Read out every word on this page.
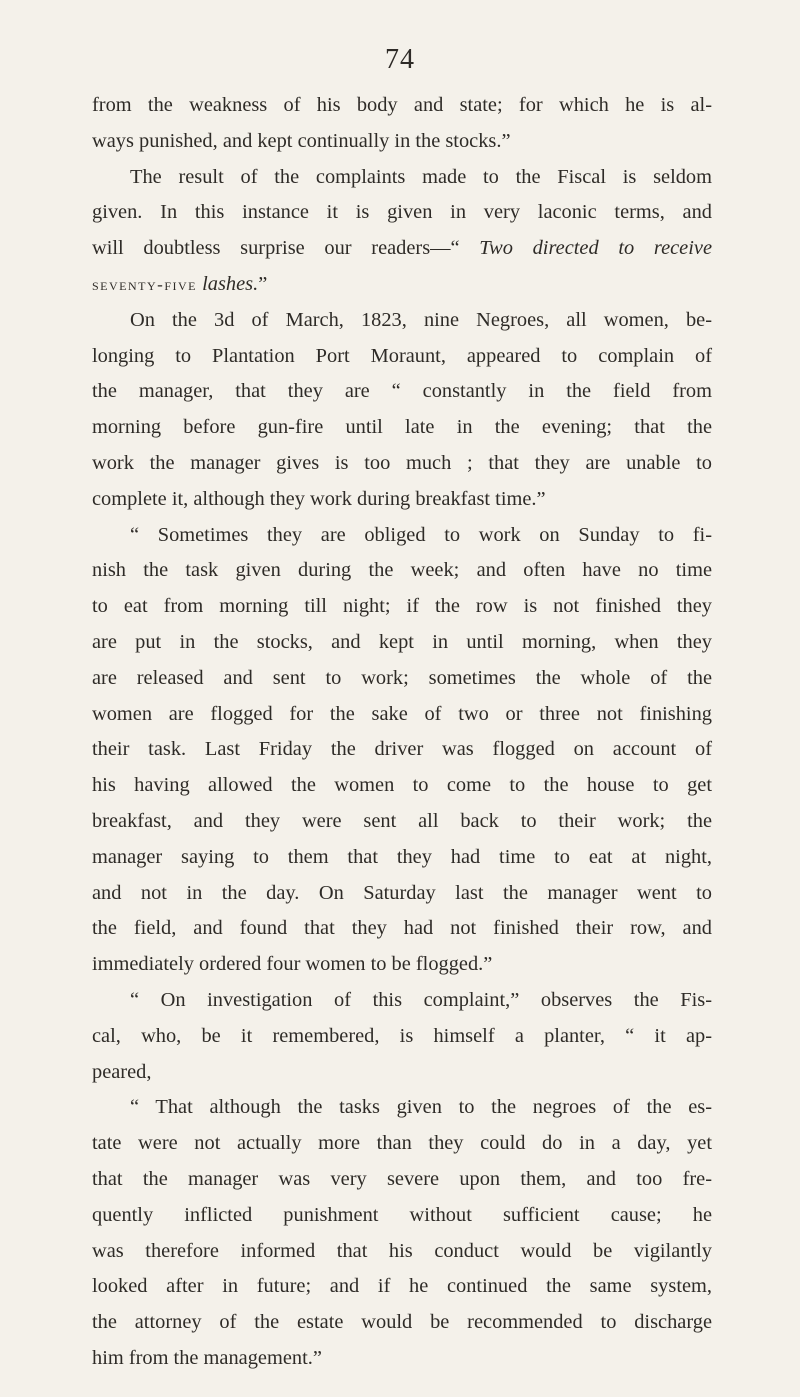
74
from the weakness of his body and state; for which he is al-
ways punished, and kept continually in the stocks.”
The result of the complaints made to the Fiscal is seldom
given. In this instance it is given in very laconic terms, and
will doubtless surprise our readers—“ Two directed to receive
seventy-five lashes.”
On the 3d of March, 1823, nine Negroes, all women, be-
longing to Plantation Port Moraunt, appeared to complain of
the manager, that they are “ constantly in the field from
morning before gun-fire until late in the evening; that the
work the manager gives is too much ; that they are unable to
complete it, although they work during breakfast time.”
“ Sometimes they are obliged to work on Sunday to fi-
nish the task given during the week; and often have no time
to eat from morning till night; if the row is not finished they
are put in the stocks, and kept in until morning, when they
are released and sent to work; sometimes the whole of the
women are flogged for the sake of two or three not finishing
their task. Last Friday the driver was flogged on account of
his having allowed the women to come to the house to get
breakfast, and they were sent all back to their work; the
manager saying to them that they had time to eat at night,
and not in the day. On Saturday last the manager went to
the field, and found that they had not finished their row, and
immediately ordered four women to be flogged.”
“ On investigation of this complaint,” observes the Fis-
cal, who, be it remembered, is himself a planter, “ it ap-
peared,
“ That although the tasks given to the negroes of the es-
tate were not actually more than they could do in a day, yet
that the manager was very severe upon them, and too fre-
quently inflicted punishment without sufficient cause; he
was therefore informed that his conduct would be vigilantly
looked after in future; and if he continued the same system,
the attorney of the estate would be recommended to discharge
him from the management.”
